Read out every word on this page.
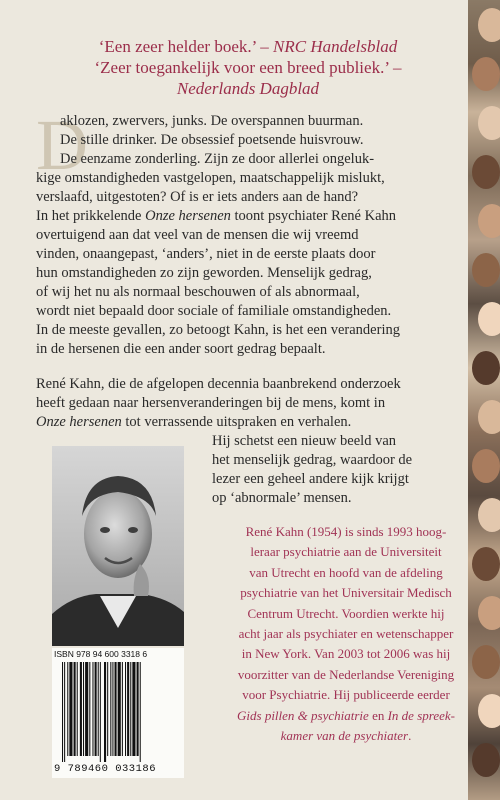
‘Een zeer helder boek.’ – NRC Handelsblad
‘Zeer toegankelijk voor een breed publiek.’ –
Nederlands Dagblad
D
aklozen, zwervers, junks. De overspannen buurman.
De stille drinker. De obsessief poetsende huisvrouw.
De eenzame zonderling. Zijn ze door allerlei ongeluk-
kige omstandigheden vastgelopen, maatschappelijk mislukt,
verslaafd, uitgestoten? Of is er iets anders aan de hand?
In het prikkelende Onze hersenen toont psychiater René Kahn
overtuigend aan dat veel van de mensen die wij vreemd
vinden, onaangepast, ‘anders’, niet in de eerste plaats door
hun omstandigheden zo zijn geworden. Menselijk gedrag,
of wij het nu als normaal beschouwen of als abnormaal,
wordt niet bepaald door sociale of familiale omstandigheden.
In de meeste gevallen, zo betoogt Kahn, is het een verandering
in de hersenen die een ander soort gedrag bepaalt.
René Kahn, die de afgelopen decennia baanbrekend onderzoek
heeft gedaan naar hersenveranderingen bij de mens, komt in
Onze hersenen tot verrassende uitspraken en verhalen.
Hij schetst een nieuw beeld van
het menselijk gedrag, waardoor de
lezer een geheel andere kijk krijgt
op ‘abnormale’ mensen.
René Kahn (1954) is sinds 1993 hoog-
leraar psychiatrie aan de Universiteit
van Utrecht en hoofd van de afdeling
psychiatrie van het Universitair Medisch
Centrum Utrecht. Voordien werkte hij
acht jaar als psychiater en wetenschapper
in New York. Van 2003 tot 2006 was hij
voorzitter van de Nederlandse Vereniging
voor Psychiatrie. Hij publiceerde eerder
Gids pillen & psychiatrie en In de spreek-
kamer van de psychiater.
ISBN 978 94 600 3318 6
9 789460 033186
